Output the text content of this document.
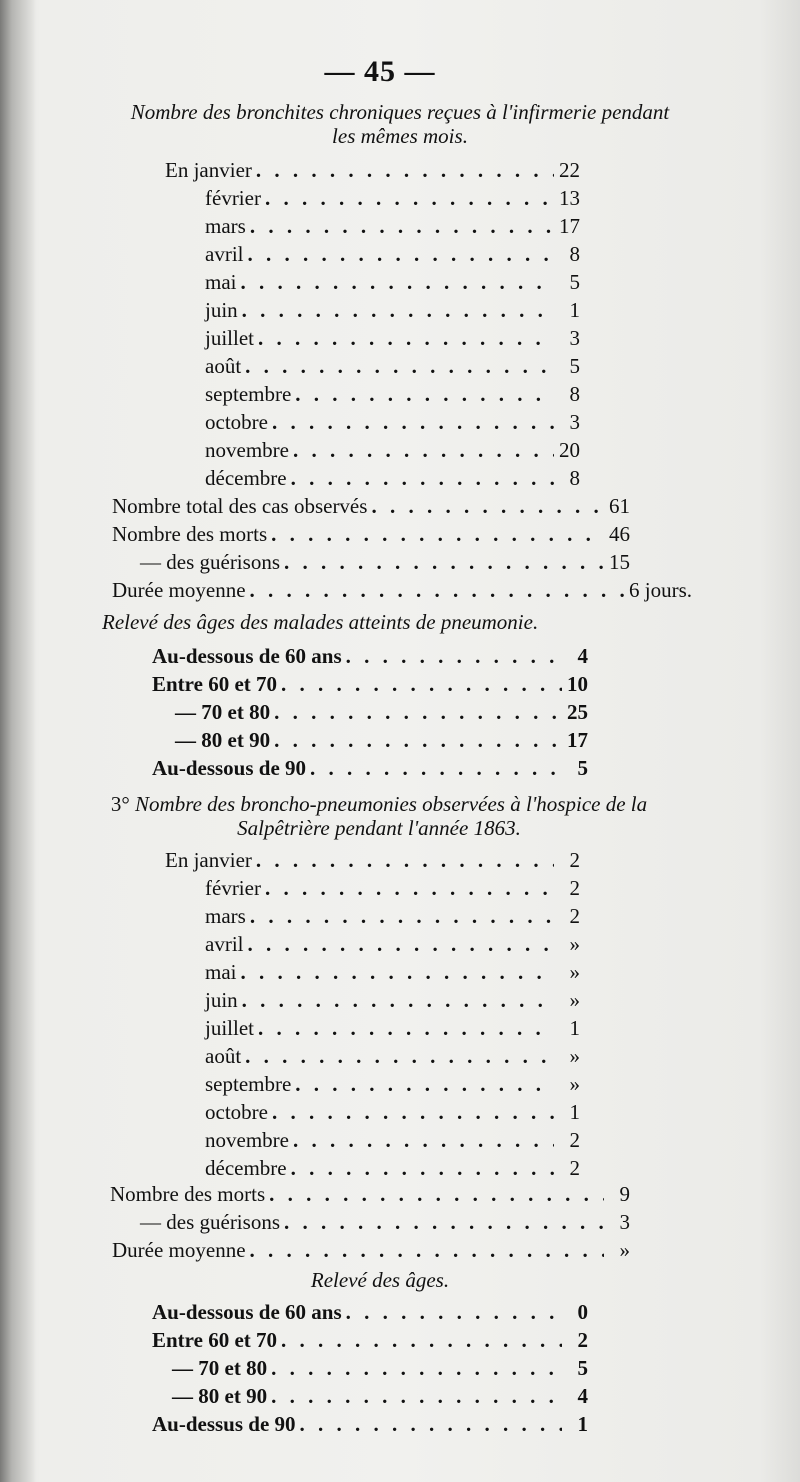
— 45 —
Nombre des bronchites chroniques reçues à l'infirmerie pendant
les mêmes mois.
En janvier . . .	22
février . . .	13
mars . . .	17
avril . . .	8
mai . . .	5
juin . . .	1
juillet . . .	3
août . . .	5
septembre . . .	8
octobre . . .	3
novembre . . .	20
décembre . . .	8
Nombre total des cas observés . . .	61
Nombre des morts . . .	46
— des guérisons . . .	15
Durée moyenne . . .	6 jours.
Relevé des âges des malades atteints de pneumonie.
Au-dessous de 60 ans . . .	4
Entre 60 et 70 . . .	10
— 70 et 80 . . .	25
— 80 et 90 . . .	17
Au-dessous de 90 . . .	5
3° Nombre des broncho-pneumonies observées à l'hospice de la
Salpêtrière pendant l'année 1863.
En janvier . . .	2
février . . .	2
mars . . .	2
avril . . .	»
mai . . .	»
juin . . .	»
juillet . . .	1
août . . .	»
septembre . . .	»
octobre . . .	1
novembre . . .	2
décembre . . .	2
Nombre des morts . . .	9
— des guérisons . . .	3
Durée moyenne . . .	»
Relevé des âges.
Au-dessous de 60 ans . . .	0
Entre 60 et 70 . . .	2
— 70 et 80 . . .	5
— 80 et 90 . . .	4
Au-dessus de 90 . . .	1
